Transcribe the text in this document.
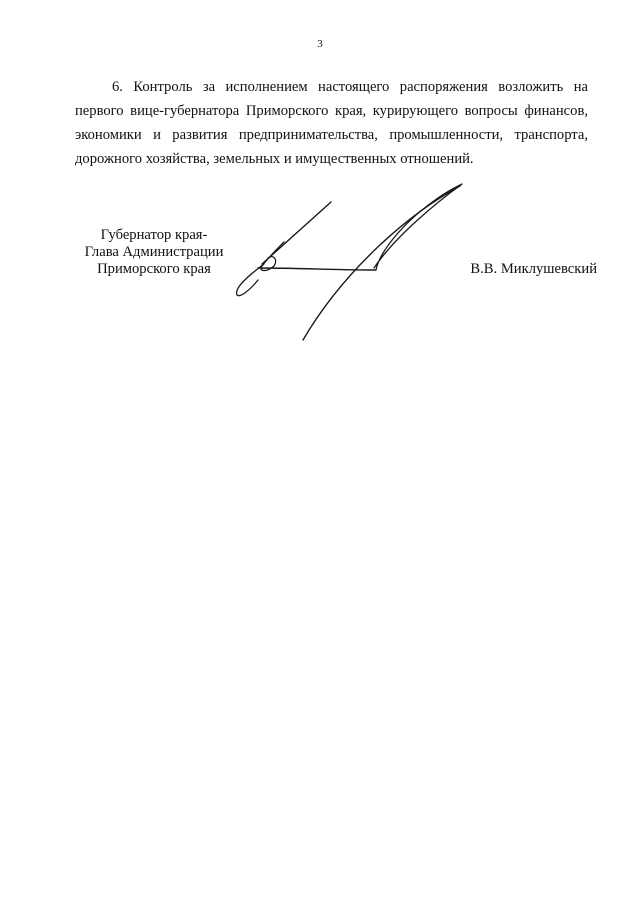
3

6. Контроль за исполнением настоящего распоряжения возложить на первого вице-губернатора Приморского края, курирующего вопросы финансов, экономики и развития предпринимательства, промышленности, транспорта, дорожного хозяйства, земельных и имущественных отношений.

Губернатор края-
Глава Администрации
Приморского края	В.В. Миклушевский
